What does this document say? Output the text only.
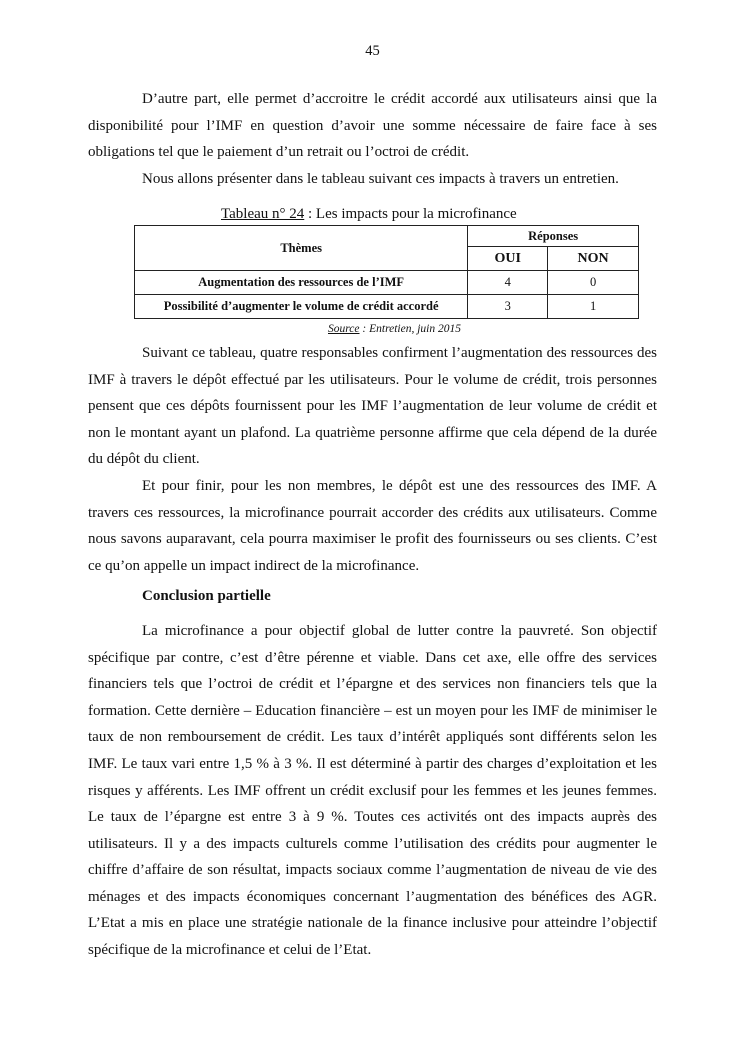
45

D’autre part, elle permet d’accroitre le crédit accordé aux utilisateurs ainsi que la disponibilité pour l’IMF en question d’avoir une somme nécessaire de faire face à ses obligations tel que le paiement d’un retrait ou l’octroi de crédit.

Nous allons présenter dans le tableau suivant ces impacts à travers un entretien.

Tableau n° 24 : Les impacts pour la microfinance
Thèmes	Réponses	
	OUI	NON
Augmentation des ressources de l’IMF	4	0
Possibilité d’augmenter le volume de crédit accordé	3	1
Source : Entretien, juin 2015

Suivant ce tableau, quatre responsables confirment l’augmentation des ressources des IMF à travers le dépôt effectué par les utilisateurs. Pour le volume de crédit, trois personnes pensent que ces dépôts fournissent pour les IMF l’augmentation de leur volume de crédit et non le montant ayant un plafond. La quatrième personne affirme que cela dépend de la durée du dépôt du client.

Et pour finir, pour les non membres, le dépôt est une des ressources des IMF. A travers ces ressources, la microfinance pourrait accorder des crédits aux utilisateurs. Comme nous savons auparavant, cela pourra maximiser le profit des fournisseurs ou ses clients. C’est ce qu’on appelle un impact indirect de la microfinance.

Conclusion partielle

La microfinance a pour objectif global de lutter contre la pauvreté. Son objectif spécifique par contre, c’est d’être pérenne et viable. Dans cet axe, elle offre des services financiers tels que l’octroi de crédit et l’épargne et des services non financiers tels que la formation. Cette dernière – Education financière – est un moyen pour les IMF de minimiser le taux de non remboursement de crédit. Les taux d’intérêt appliqués sont différents selon les IMF. Le taux vari entre 1,5 % à 3 %. Il est déterminé à partir des charges d’exploitation et les risques y afférents. Les IMF offrent un crédit exclusif pour les femmes et les jeunes femmes. Le taux de l’épargne est entre 3 à 9 %. Toutes ces activités ont des impacts auprès des utilisateurs. Il y a des impacts culturels comme l’utilisation des crédits pour augmenter le chiffre d’affaire de son résultat, impacts sociaux comme l’augmentation de niveau de vie des ménages et des impacts économiques concernant l’augmentation des bénéfices des AGR. L’Etat a mis en place une stratégie nationale de la finance inclusive pour atteindre l’objectif spécifique de la microfinance et celui de l’Etat.
